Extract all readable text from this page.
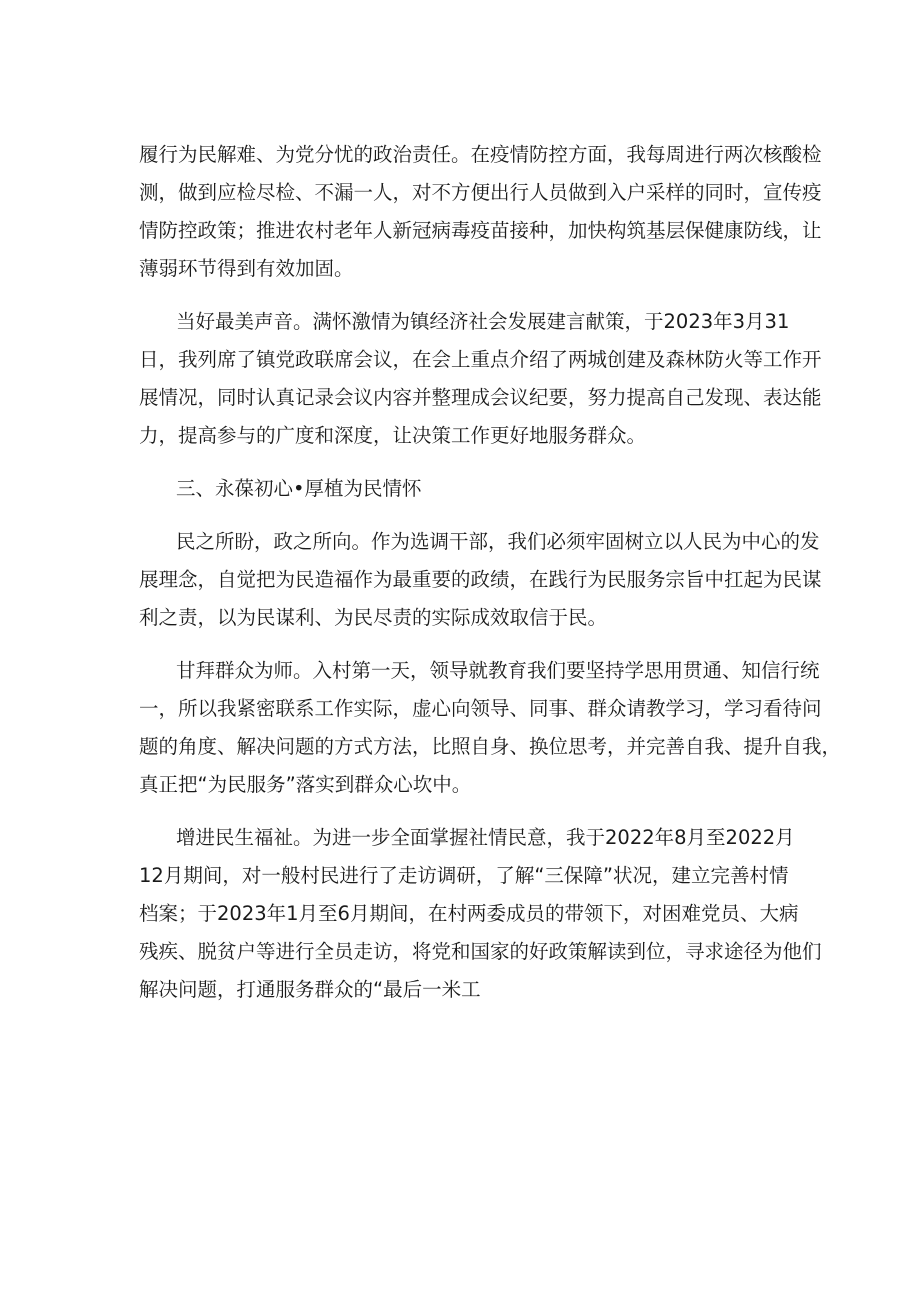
履行为民解难、为党分忧的政治责任。在疫情防控方面，我每周进行两次核酸检
测，做到应检尽检、不漏一人，对不方便出行人员做到入户采样的同时，宣传疫
情防控政策；推进农村老年人新冠病毒疫苗接种，加快构筑基层保健康防线，让
薄弱环节得到有效加固。
当好最美声音。满怀激情为镇经济社会发展建言献策，于2023年3月31
日，我列席了镇党政联席会议，在会上重点介绍了两城创建及森林防火等工作开
展情况，同时认真记录会议内容并整理成会议纪要，努力提高自己发现、表达能
力，提高参与的广度和深度，让决策工作更好地服务群众。
三、永葆初心•厚植为民情怀
民之所盼，政之所向。作为选调干部，我们必须牢固树立以人民为中心的发
展理念，自觉把为民造福作为最重要的政绩，在践行为民服务宗旨中扛起为民谋
利之责，以为民谋利、为民尽责的实际成效取信于民。
甘拜群众为师。入村第一天，领导就教育我们要坚持学思用贯通、知信行统
一，所以我紧密联系工作实际，虚心向领导、同事、群众请教学习，学习看待问
题的角度、解决问题的方式方法，比照自身、换位思考，并完善自我、提升自我，
真正把“为民服务”落实到群众心坎中。
增进民生福祉。为进一步全面掌握社情民意，我于2022年8月至2022月
12月期间，对一般村民进行了走访调研，了解“三保障”状况，建立完善村情
档案；于2023年1月至6月期间，在村两委成员的带领下，对困难党员、大病
残疾、脱贫户等进行全员走访，将党和国家的好政策解读到位，寻求途径为他们
解决问题，打通服务群众的“最后一米工
